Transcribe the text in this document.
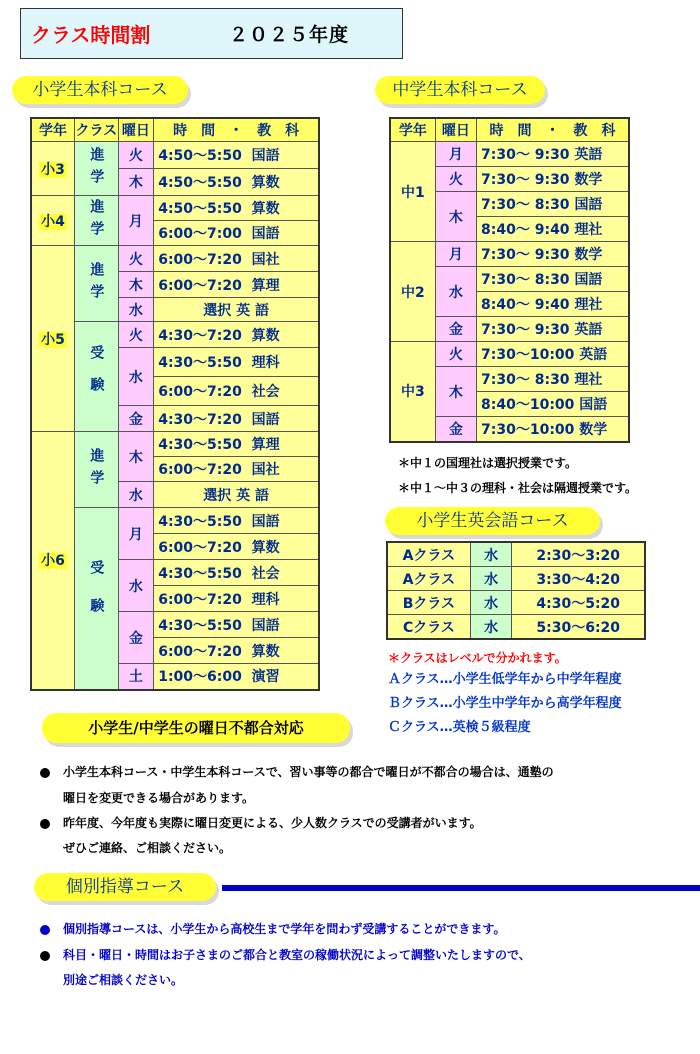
クラス時間割	２０２５年度
小学生本科コース
学年	クラス	曜日	時　間　・　教　科
小3	進学	火	4:50〜5:50 国語
		木	4:50〜5:50 算数
小4	進学	月	4:50〜5:50 算数
			6:00〜7:00 国語
小5	進学	火	6:00〜7:20 国社
		木	6:00〜7:20 算理
		水	選択 英 語
	受験	火	4:30〜7:20 算数
		水	4:30〜5:50 理科
			6:00〜7:20 社会
		金	4:30〜7:20 国語
小6	進学	木	4:30〜5:50 算理
			6:00〜7:20 国社
		水	選択 英 語
	受験	月	4:30〜5:50 国語
			6:00〜7:20 算数
		水	4:30〜5:50 社会
			6:00〜7:20 理科
		金	4:30〜5:50 国語
			6:00〜7:20 算数
		土	1:00〜6:00 演習
中学生本科コース
学年	曜日	時　間　・　教　科
中1	月	7:30〜 9:30 英語
	火	7:30〜 9:30 数学
	木	7:30〜 8:30 国語
		8:40〜 9:40 理社
中2	月	7:30〜 9:30 数学
	水	7:30〜 8:30 国語
		8:40〜 9:40 理社
	金	7:30〜 9:30 英語
中3	火	7:30〜10:00 英語
	木	7:30〜 8:30 理社
		8:40〜10:00 国語
	金	7:30〜10:00 数学
＊中１の国理社は選択授業です。
＊中１〜中３の理科・社会は隔週授業です。
小学生英会語コース
Aクラス	水	2:30〜3:20
Aクラス	水	3:30〜4:20
Bクラス	水	4:30〜5:20
Cクラス	水	5:30〜6:20
＊クラスはレベルで分かれます。
Ａクラス…小学生低学年から中学年程度
Ｂクラス…小学生中学年から高学年程度
Ｃクラス…英検５級程度
小学生/中学生の曜日不都合対応
小学生本科コース・中学生本科コースで、習い事等の都合で曜日が不都合の場合は、通塾の
曜日を変更できる場合があります。
昨年度、今年度も実際に曜日変更による、少人数クラスでの受講者がいます。
ぜひご連絡、ご相談ください。
個別指導コース
個別指導コースは、小学生から高校生まで学年を問わず受講することができます。
科目・曜日・時間はお子さまのご都合と教室の稼働状況によって調整いたしますので、
別途ご相談ください。
